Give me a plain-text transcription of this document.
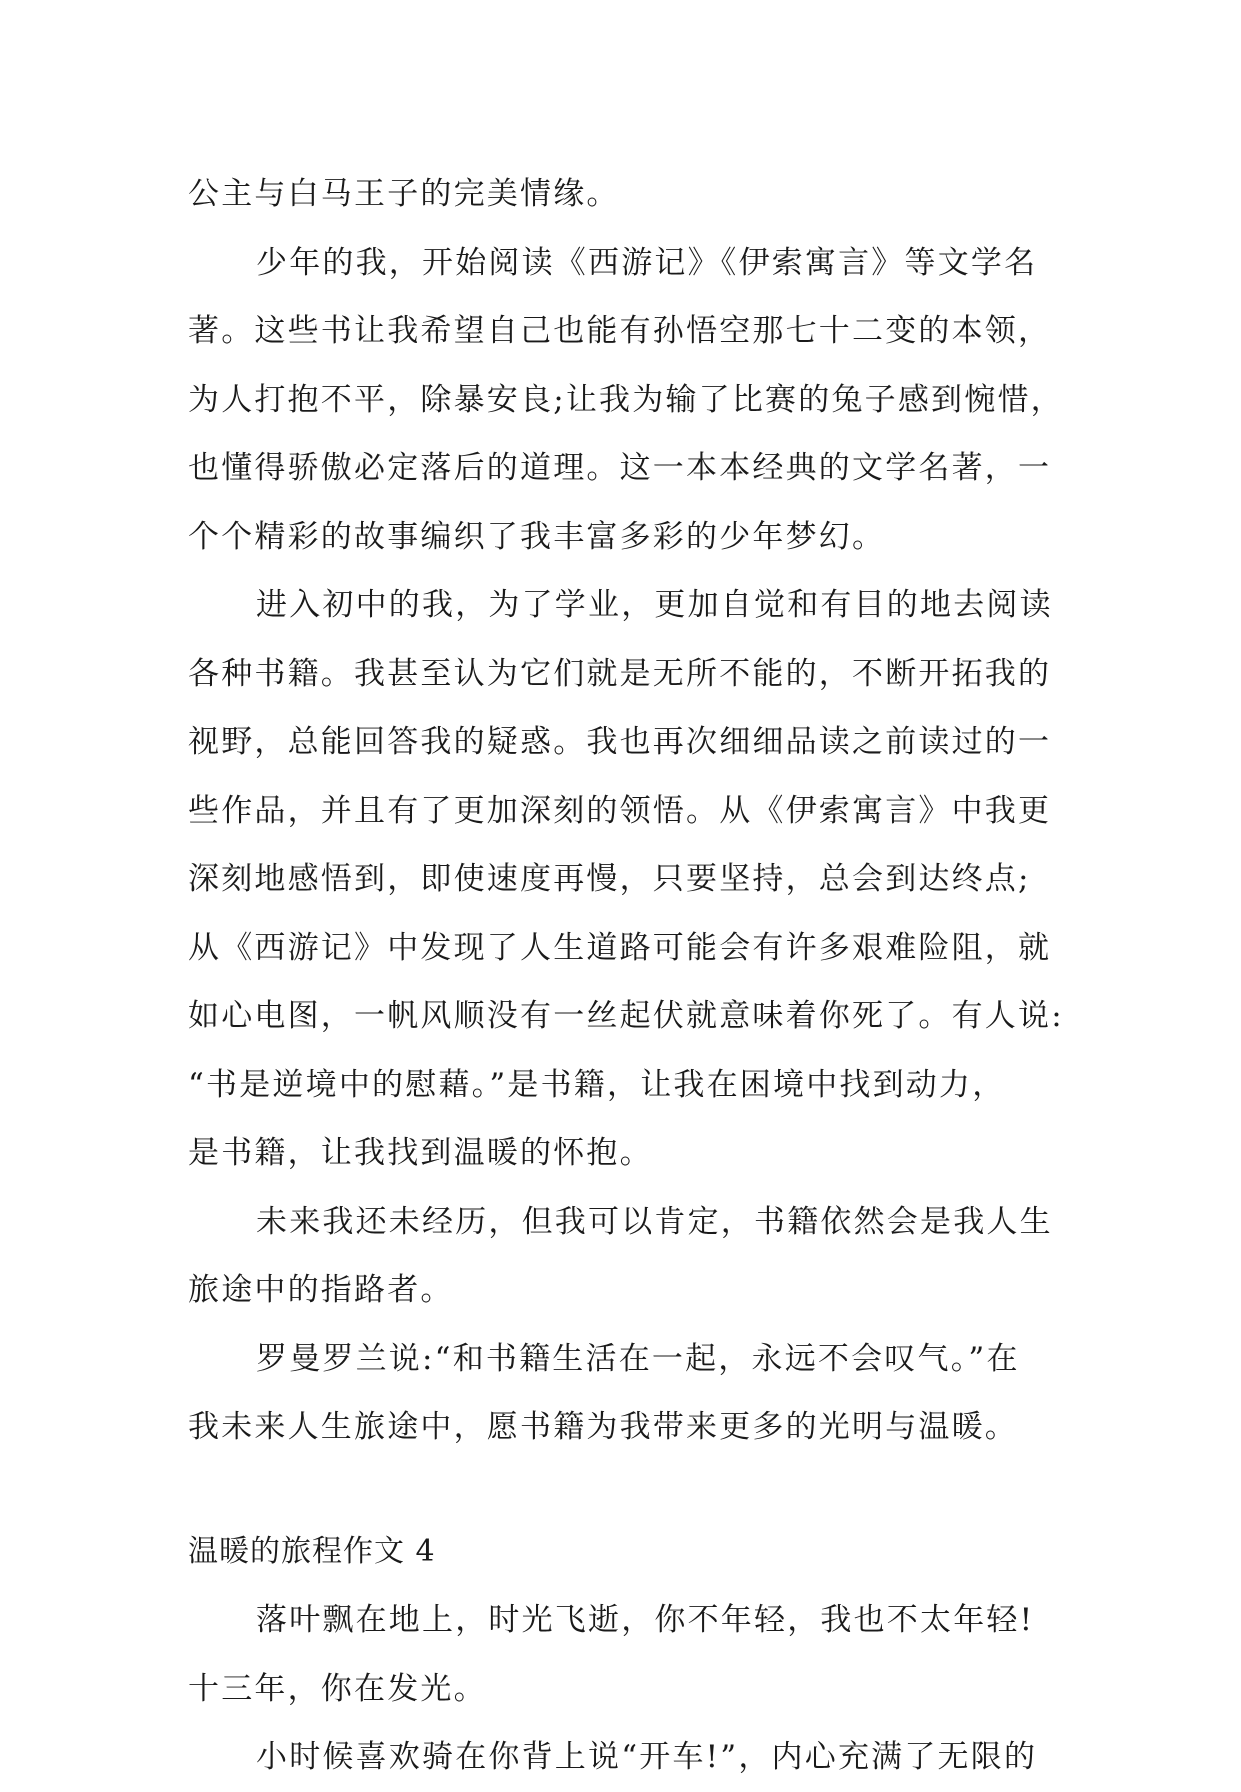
公主与白马王子的完美情缘。
少年的我，开始阅读《西游记》《伊索寓言》等文学名
著。这些书让我希望自己也能有孙悟空那七十二变的本领，
为人打抱不平，除暴安良;让我为输了比赛的兔子感到惋惜，
也懂得骄傲必定落后的道理。这一本本经典的文学名著，一
个个精彩的故事编织了我丰富多彩的少年梦幻。
进入初中的我，为了学业，更加自觉和有目的地去阅读
各种书籍。我甚至认为它们就是无所不能的，不断开拓我的
视野，总能回答我的疑惑。我也再次细细品读之前读过的一
些作品，并且有了更加深刻的领悟。从《伊索寓言》中我更
深刻地感悟到，即使速度再慢，只要坚持，总会到达终点;
从《西游记》中发现了人生道路可能会有许多艰难险阻，就
如心电图，一帆风顺没有一丝起伏就意味着你死了。有人说:
“书是逆境中的慰藉。”是书籍，让我在困境中找到动力，
是书籍，让我找到温暖的怀抱。
未来我还未经历，但我可以肯定，书籍依然会是我人生
旅途中的指路者。
罗曼罗兰说:“和书籍生活在一起，永远不会叹气。”在
我未来人生旅途中，愿书籍为我带来更多的光明与温暖。
温暖的旅程作文 4
落叶飘在地上，时光飞逝，你不年轻，我也不太年轻!
十三年，你在发光。
小时候喜欢骑在你背上说“开车!”，内心充满了无限的
